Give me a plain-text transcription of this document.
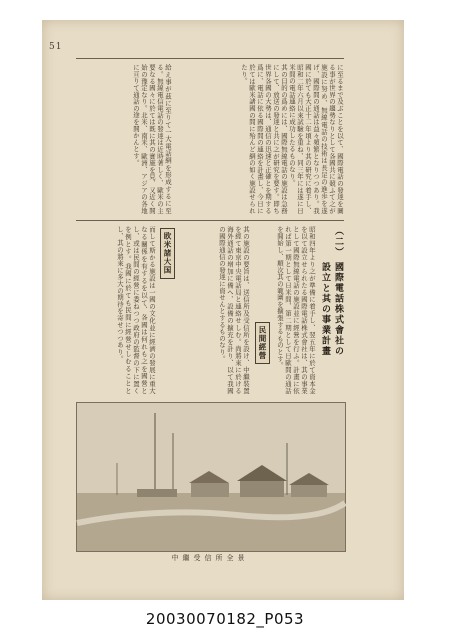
51
に至るまで及ぶことを以て、國際電話の發達を圖る事が世界の趨勢なりとして各國共に競ふて之が施設に努め、無線電話の技術は長足の進歩を遂げ、國際間の通話は益々頻繁となりつつあり。我國に於ても大正十二年頃より其の研究に着手し、昭和二年六月以來試驗を重ね、同三年には遂に日米間の電話連絡に成功したるものなり。
其の目的の爲めには、國際無線電話の施設は急務にして、放送の發達と共に之が研究を要す。即ち世界各國の大勢は、通信の迅速と正確とを期する爲に、電話に依る國際間の連絡を計畫し、今日に於ては歐米諸國の間に殆んど網の如く施設せられたり。
給え事が茲に至りて一大電話網を形成するに至る。無線電信電話の發達は近時著しく、歐米の主要なる國々に於ては既に其の實施を見、又近く開始の豫定なり。北米、南米、歐洲、アジアの各地に亘りて通話の途を開かんとす。
（二）
國際電話株式會社の
設立と其の事業計畫
昭和四年より之が準備に着手し、翌五年に於て資本金を以て設立せられたる國際電話株式會社は、其の事業として國際無線電話の施設並に經營を行ふ。計畫に依れば第一期として日米間、第二期として日歐間の通話を開始し、順次其の範圍を擴張するものとす。
民間經營
其の施設の要旨は、送信所及受信所を設け、中繼裝置を經て東京中央電話局と連絡せしむ。尚將來に於ける海外通話の增加に備へ、設備の擴充を計り、以て我國の國際通信の發達に資せんとするものなり。
欧米諸大国
而して斯かる施設は一國の文化並に經濟の發展に重大なる關係を有するを以て、各國は何れも之を國營とし、或は民間の經營に委ねつつ政府の監督の下に置くを例とす。我國に於ても民間に經營せしむることとし、其の將來に多大の期待を寄せつつあり。
中繼受信所全景
20030070182_P053
